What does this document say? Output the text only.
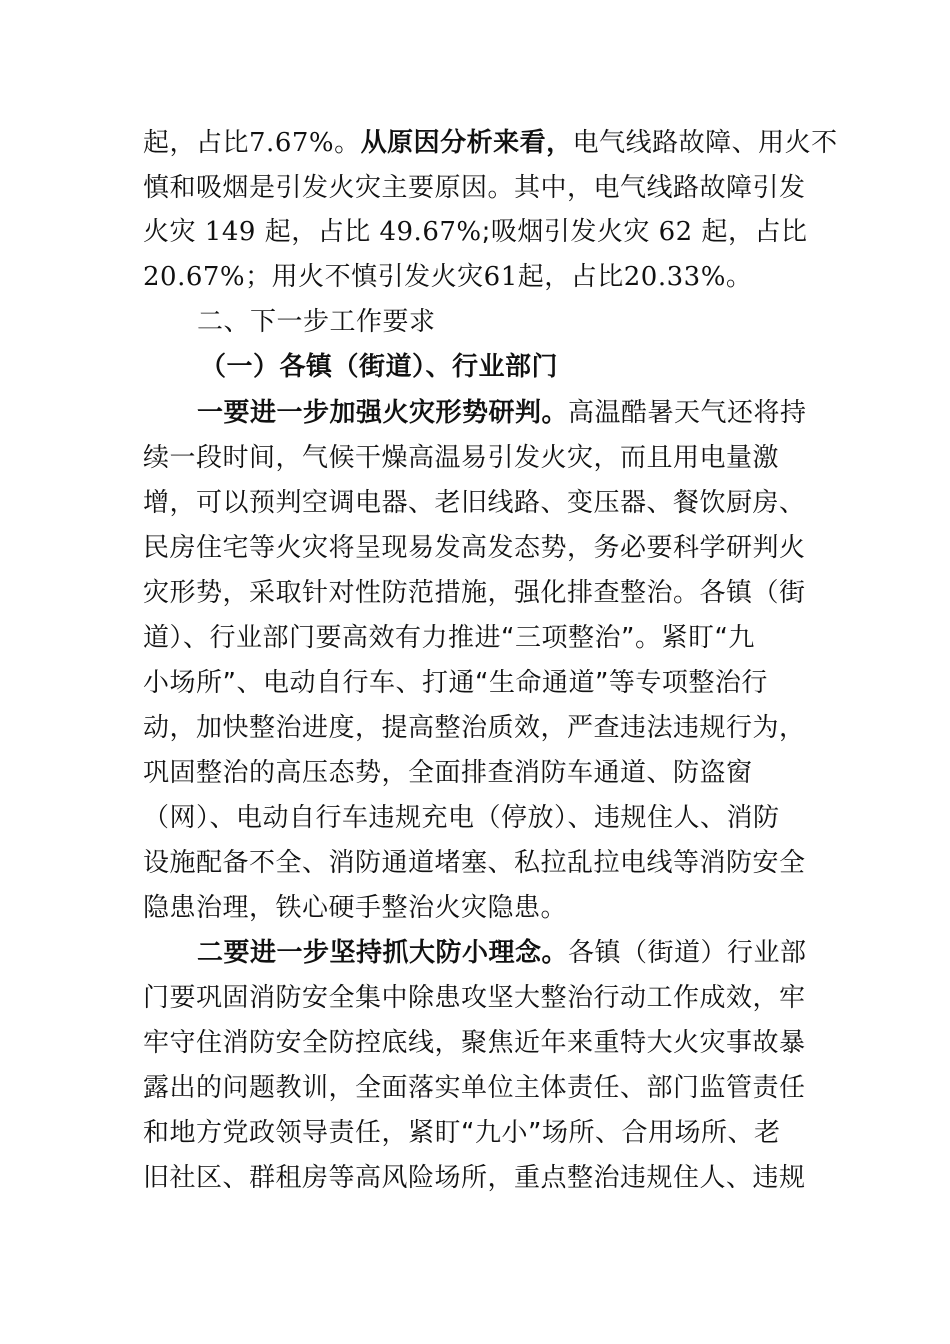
起，占比7.67%。从原因分析来看，电气线路故障、用火不
慎和吸烟是引发火灾主要原因。其中，电气线路故障引发
火灾 149 起，占比 49.67%;吸烟引发火灾 62 起，占比
20.67%；用火不慎引发火灾61起，占比20.33%。
二、下一步工作要求
（一）各镇（街道）、行业部门
一要进一步加强火灾形势研判。高温酷暑天气还将持
续一段时间，气候干燥高温易引发火灾，而且用电量激
增，可以预判空调电器、老旧线路、变压器、餐饮厨房、
民房住宅等火灾将呈现易发高发态势，务必要科学研判火
灾形势，采取针对性防范措施，强化排查整治。各镇（街
道）、行业部门要高效有力推进“三项整治”。紧盯“九
小场所”、电动自行车、打通“生命通道”等专项整治行
动，加快整治进度，提高整治质效，严查违法违规行为，
巩固整治的高压态势，全面排查消防车通道、防盗窗
（网）、电动自行车违规充电（停放）、违规住人、消防
设施配备不全、消防通道堵塞、私拉乱拉电线等消防安全
隐患治理，铁心硬手整治火灾隐患。
二要进一步坚持抓大防小理念。各镇（街道）行业部
门要巩固消防安全集中除患攻坚大整治行动工作成效，牢
牢守住消防安全防控底线，聚焦近年来重特大火灾事故暴
露出的问题教训，全面落实单位主体责任、部门监管责任
和地方党政领导责任，紧盯“九小”场所、合用场所、老
旧社区、群租房等高风险场所，重点整治违规住人、违规
